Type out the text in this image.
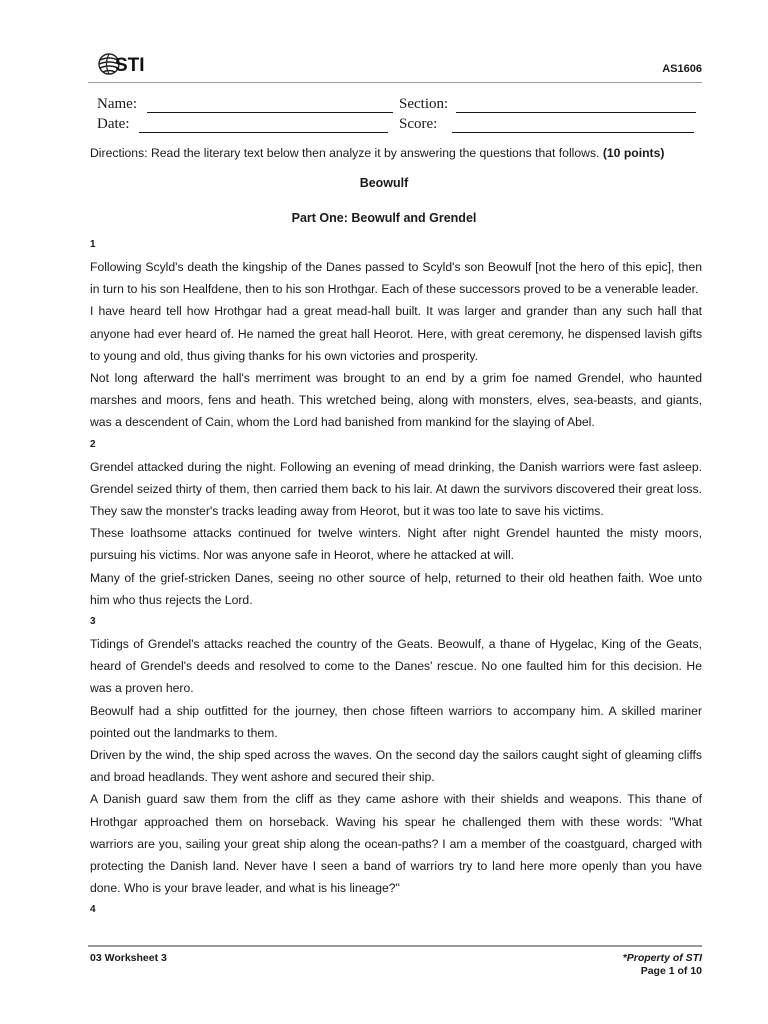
STI	AS1606
Name:	Section:
Date:	Score:
Directions: Read the literary text below then analyze it by answering the questions that follows. (10 points)
Beowulf
Part One: Beowulf and Grendel
1

Following Scyld's death the kingship of the Danes passed to Scyld's son Beowulf [not the hero of this epic], then in turn to his son Healfdene, then to his son Hrothgar. Each of these successors proved to be a venerable leader.

I have heard tell how Hrothgar had a great mead-hall built. It was larger and grander than any such hall that anyone had ever heard of. He named the great hall Heorot. Here, with great ceremony, he dispensed lavish gifts to young and old, thus giving thanks for his own victories and prosperity.

Not long afterward the hall's merriment was brought to an end by a grim foe named Grendel, who haunted marshes and moors, fens and heath. This wretched being, along with monsters, elves, sea-beasts, and giants, was a descendent of Cain, whom the Lord had banished from mankind for the slaying of Abel.

2

Grendel attacked during the night. Following an evening of mead drinking, the Danish warriors were fast asleep. Grendel seized thirty of them, then carried them back to his lair. At dawn the survivors discovered their great loss. They saw the monster's tracks leading away from Heorot, but it was too late to save his victims.

These loathsome attacks continued for twelve winters. Night after night Grendel haunted the misty moors, pursuing his victims. Nor was anyone safe in Heorot, where he attacked at will.

Many of the grief-stricken Danes, seeing no other source of help, returned to their old heathen faith. Woe unto him who thus rejects the Lord.

3

Tidings of Grendel's attacks reached the country of the Geats. Beowulf, a thane of Hygelac, King of the Geats, heard of Grendel's deeds and resolved to come to the Danes' rescue. No one faulted him for this decision. He was a proven hero.

Beowulf had a ship outfitted for the journey, then chose fifteen warriors to accompany him. A skilled mariner pointed out the landmarks to them.

Driven by the wind, the ship sped across the waves. On the second day the sailors caught sight of gleaming cliffs and broad headlands. They went ashore and secured their ship.

A Danish guard saw them from the cliff as they came ashore with their shields and weapons. This thane of Hrothgar approached them on horseback. Waving his spear he challenged them with these words: "What warriors are you, sailing your great ship along the ocean-paths? I am a member of the coastguard, charged with protecting the Danish land. Never have I seen a band of warriors try to land here more openly than you have done. Who is your brave leader, and what is his lineage?"

4
03 Worksheet 3	*Property of STI
Page 1 of 10
